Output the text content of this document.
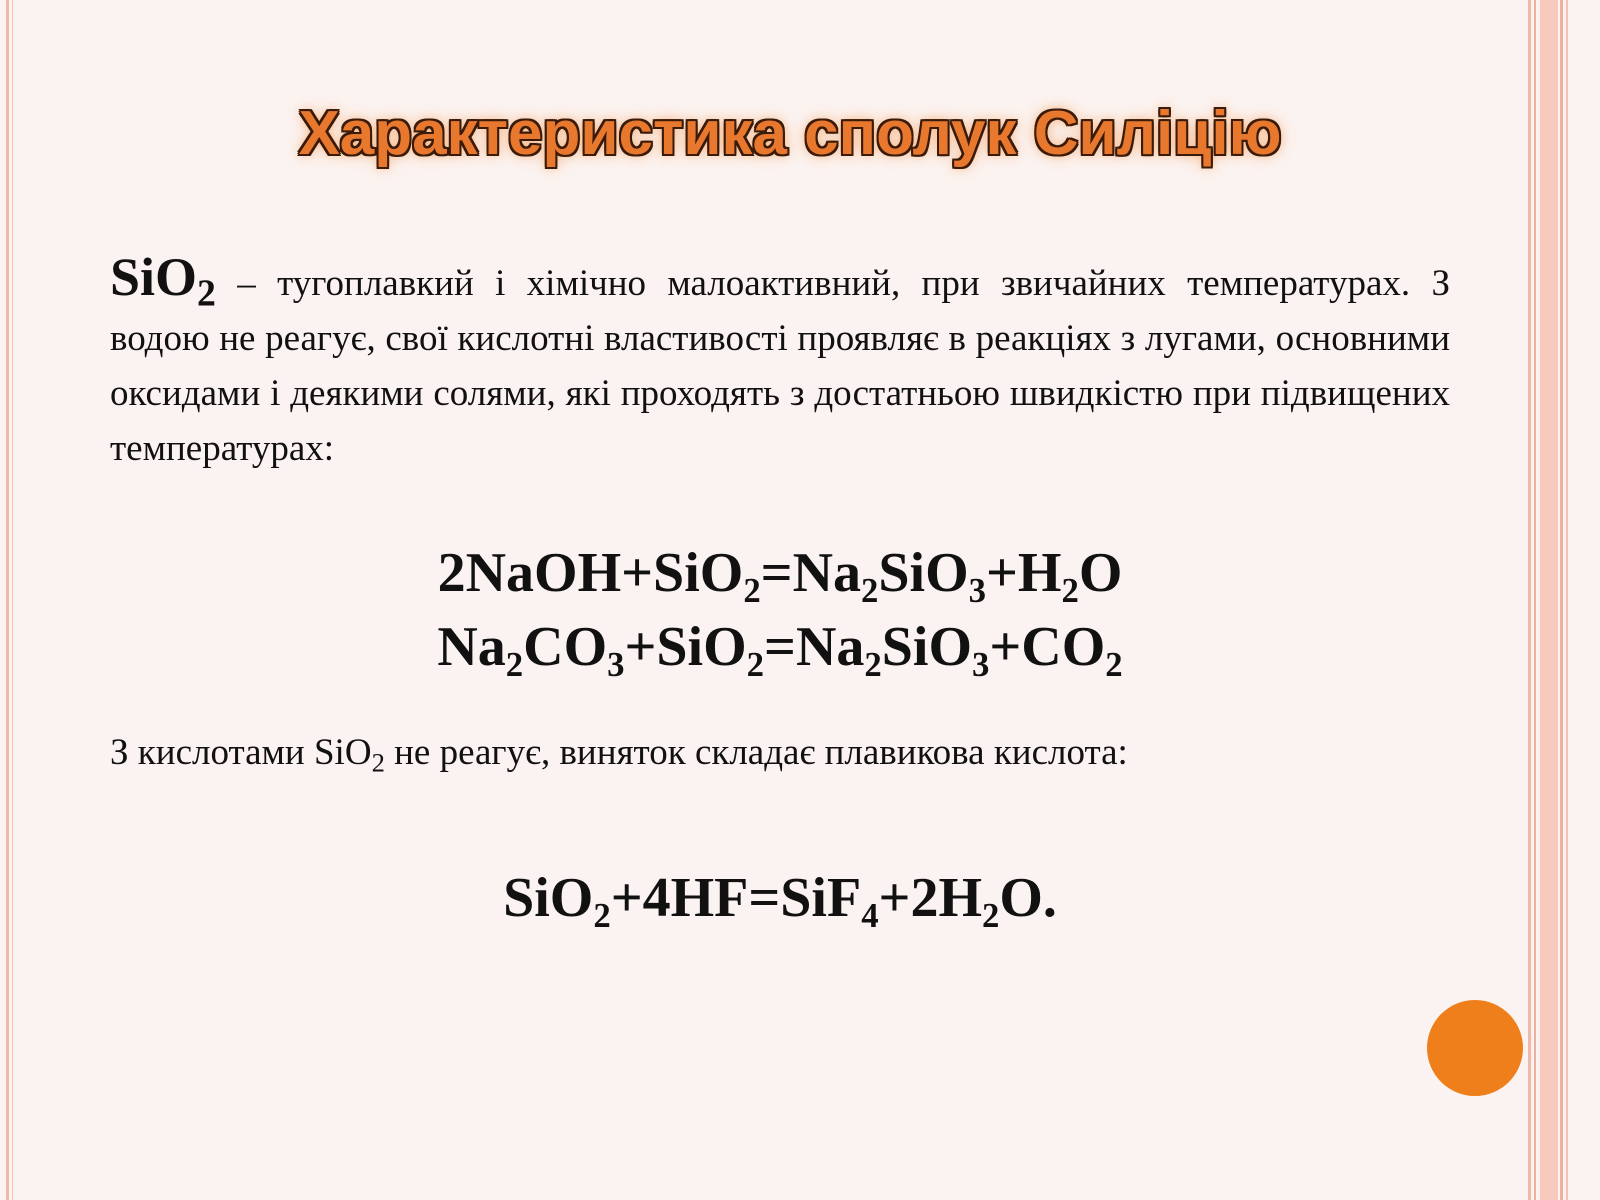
Характеристика сполук Силіцію
SiO$_2$ – тугоплавкий і хімічно малоактивний, при звичайних температурах. З водою не реагує, свої кислотні властивості проявляє в реакціях з лугами, основними оксидами і деякими солями, які проходять з достатньою швидкістю при підвищених температурах:
$2NaOH+SiO_2=Na_2SiO_3+H_2O$
$Na_2CO_3+SiO_2=Na_2SiO_3+CO_2$
З кислотами SiO$_2$ не реагує, виняток складає плавикова кислота:
$SiO_2+4HF=SiF_4+2H_2O$.
